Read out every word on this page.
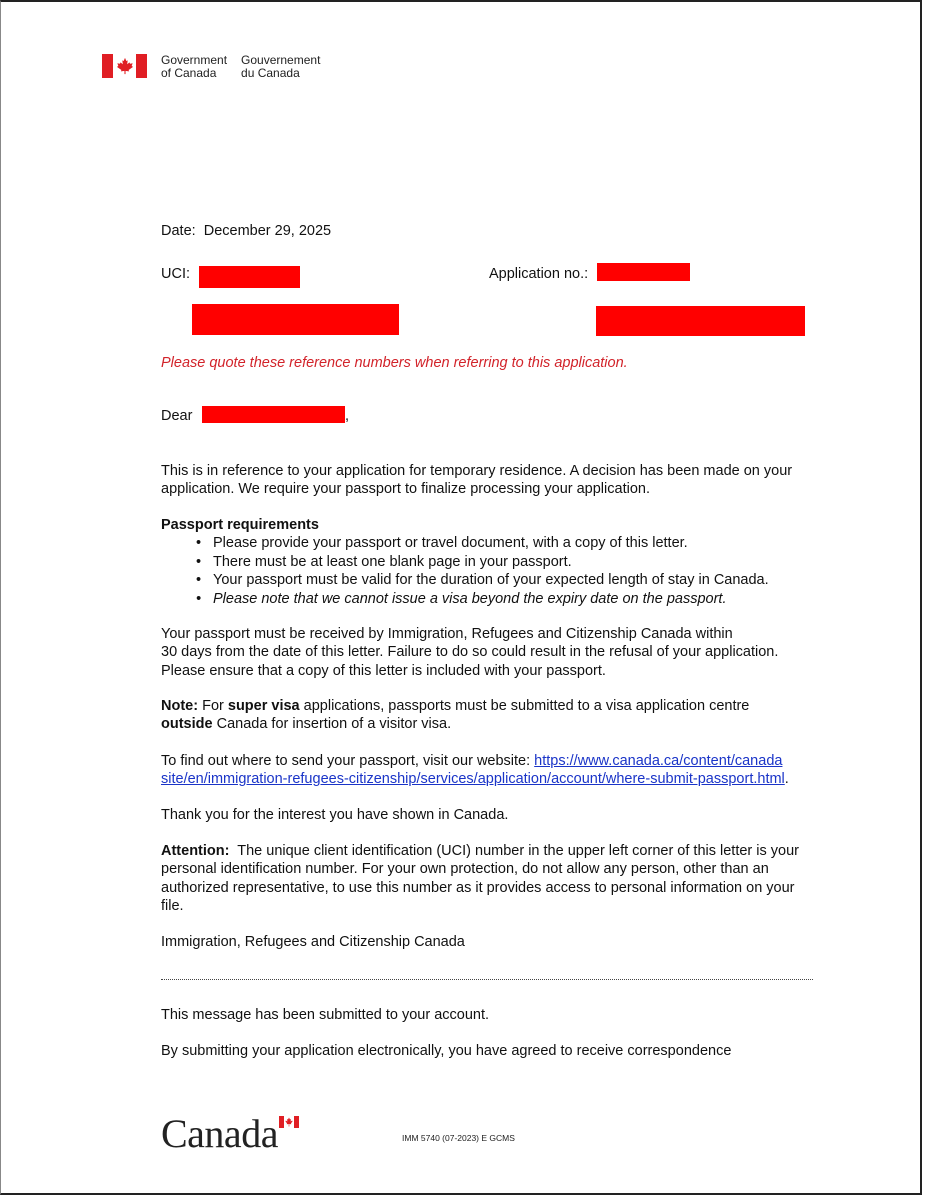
Government
of Canada
Gouvernement
du Canada
Date: December 29, 2025
UCI:	Application no.:
Please quote these reference numbers when referring to this application.
Dear	,

This is in reference to your application for temporary residence. A decision has been made on your application. We require your passport to finalize processing your application.

Passport requirements

• Please provide your passport or travel document, with a copy of this letter.
• There must be at least one blank page in your passport.
• Your passport must be valid for the duration of your expected length of stay in Canada.
• Please note that we cannot issue a visa beyond the expiry date on the passport.

Your passport must be received by Immigration, Refugees and Citizenship Canada within

30 days from the date of this letter. Failure to do so could result in the refusal of your application.

Please ensure that a copy of this letter is included with your passport.

Note: For super visa applications, passports must be submitted to a visa application centre

outside Canada for insertion of a visitor visa.

To find out where to send your passport, visit our website: https://www.canada.ca/content/canada

site/en/immigration-refugees-citizenship/services/application/account/where-submit-passport.html.

Thank you for the interest you have shown in Canada.

Attention:  The unique client identification (UCI) number in the upper left corner of this letter is your personal identification number. For your own protection, do not allow any person, other than an authorized representative, to use this number as it provides access to personal information on your file.

Immigration, Refugees and Citizenship Canada

This message has been submitted to your account.

By submitting your application electronically, you have agreed to receive correspondence

Canada	IMM 5740 (07-2023) E GCMS
